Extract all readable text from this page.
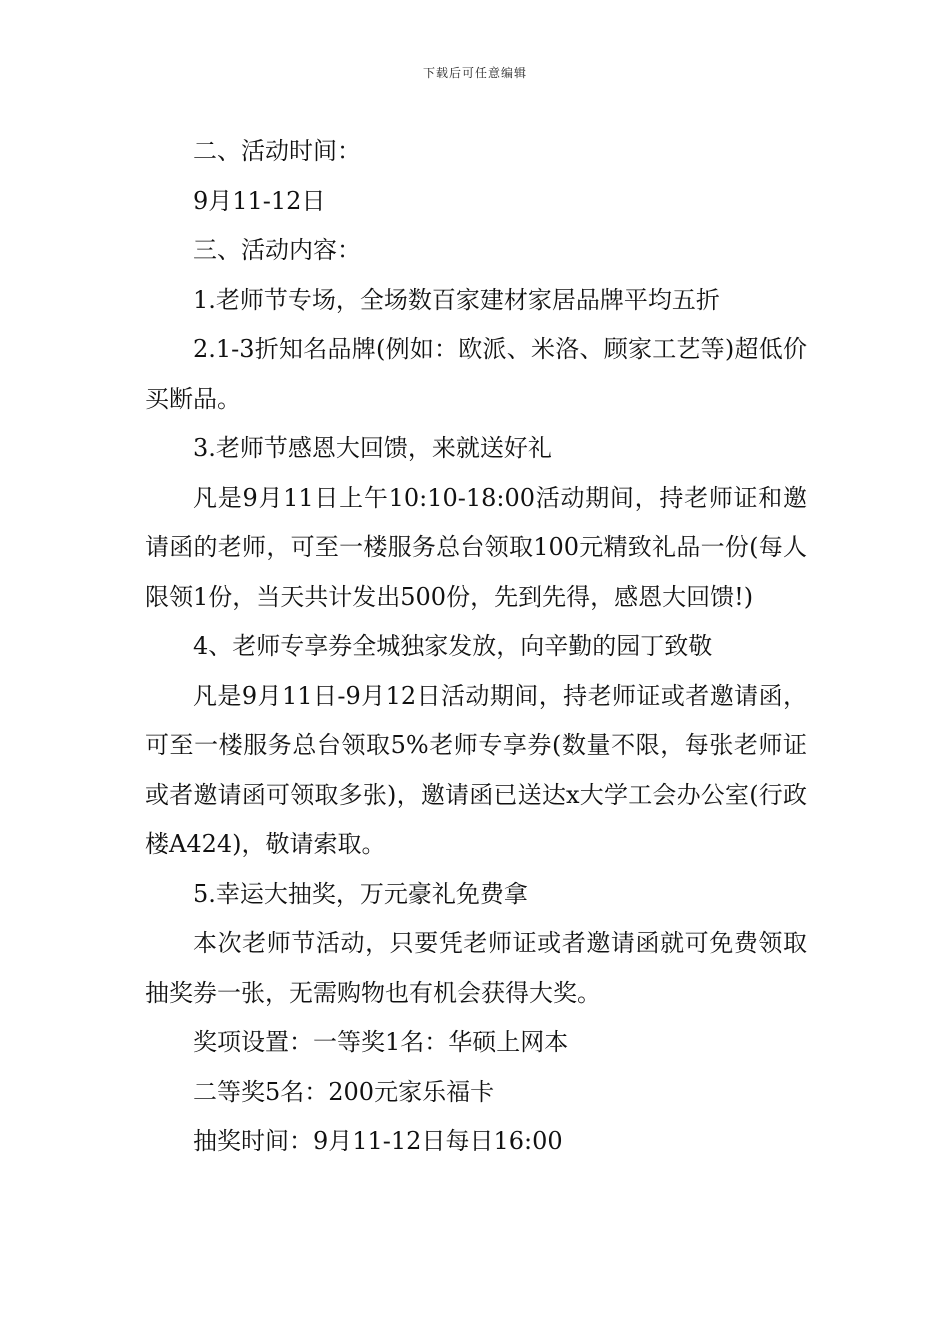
下载后可任意编辑

二、活动时间：

9月11-12日

三、活动内容：

1.老师节专场，全场数百家建材家居品牌平均五折

2.1-3折知名品牌(例如：欧派、米洛、顾家工艺等)超低价买断品。

3.老师节感恩大回馈，来就送好礼

凡是9月11日上午10:10-18:00活动期间，持老师证和邀请函的老师，可至一楼服务总台领取100元精致礼品一份(每人限领1份，当天共计发出500份，先到先得，感恩大回馈!)

4、老师专享券全城独家发放，向辛勤的园丁致敬

凡是9月11日-9月12日活动期间，持老师证或者邀请函，可至一楼服务总台领取5%老师专享券(数量不限，每张老师证或者邀请函可领取多张)，邀请函已送达x大学工会办公室(行政楼A424)，敬请索取。

5.幸运大抽奖，万元豪礼免费拿

本次老师节活动，只要凭老师证或者邀请函就可免费领取抽奖券一张，无需购物也有机会获得大奖。

奖项设置：一等奖1名：华硕上网本

二等奖5名：200元家乐福卡

抽奖时间：9月11-12日每日16:00
